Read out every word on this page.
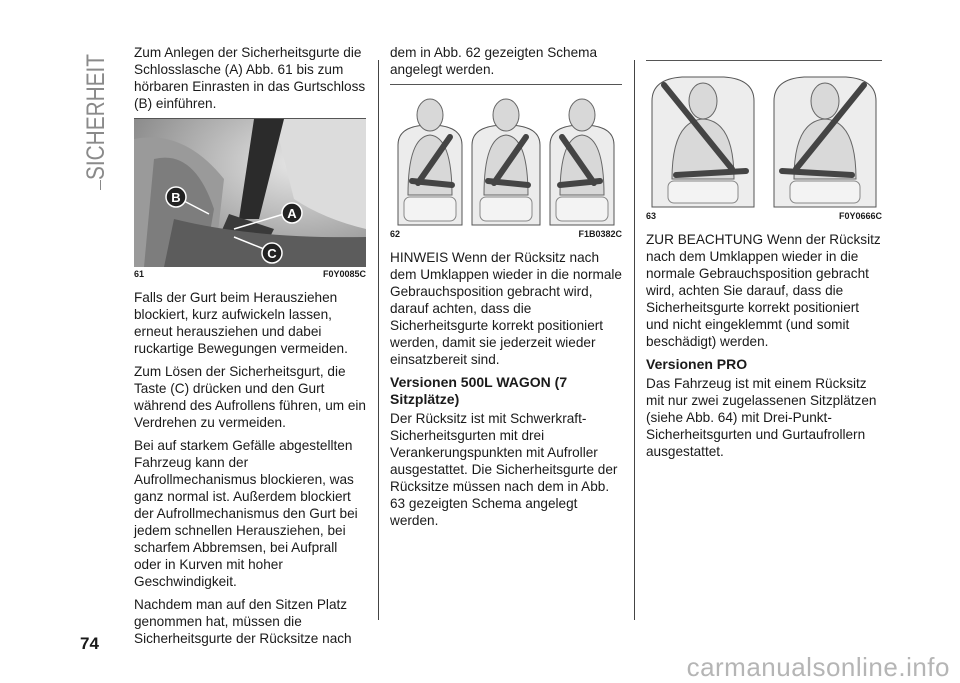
SICHERHEIT Zum Anlegen der Sicherheitsgurte die Schlosslasche (A) Abb. 61 bis zum hörbaren Einrasten in das Gurtschloss (B) einführen.

B
A
C
61	F0Y0085C

Falls der Gurt beim Herausziehen blockiert, kurz aufwickeln lassen, erneut herausziehen und dabei ruckartige Bewegungen vermeiden.

Zum Lösen der Sicherheitsgurt, die Taste (C) drücken und den Gurt während des Aufrollens führen, um ein Verdrehen zu vermeiden.

Bei auf starkem Gefälle abgestellten Fahrzeug kann der Aufrollmechanismus blockieren, was ganz normal ist. Außerdem blockiert der Aufrollmechanismus den Gurt bei jedem schnellen Herausziehen, bei scharfem Abbremsen, bei Aufprall oder in Kurven mit hoher Geschwindigkeit.

Nachdem man auf den Sitzen Platz genommen hat, müssen die Sicherheitsgurte der Rücksitze nach

dem in Abb. 62 gezeigten Schema angelegt werden.

62	F1B0382C

HINWEIS Wenn der Rücksitz nach dem Umklappen wieder in die normale Gebrauchsposition gebracht wird, darauf achten, dass die Sicherheitsgurte korrekt positioniert werden, damit sie jederzeit wieder einsatzbereit sind.

Versionen 500L WAGON (7 Sitzplätze)

Der Rücksitz ist mit Schwerkraft-Sicherheitsgurten mit drei Verankerungspunkten mit Aufroller ausgestattet. Die Sicherheitsgurte der Rücksitze müssen nach dem in Abb. 63 gezeigten Schema angelegt werden.

63	F0Y0666C

ZUR BEACHTUNG Wenn der Rücksitz nach dem Umklappen wieder in die normale Gebrauchsposition gebracht wird, achten Sie darauf, dass die Sicherheitsgurte korrekt positioniert und nicht eingeklemmt (und somit beschädigt) werden.

Versionen PRO

Das Fahrzeug ist mit einem Rücksitz mit nur zwei zugelassenen Sitzplätzen (siehe Abb. 64) mit Drei-Punkt-Sicherheitsgurten und Gurtaufrollern ausgestattet.

74
carmanualsonline.info
